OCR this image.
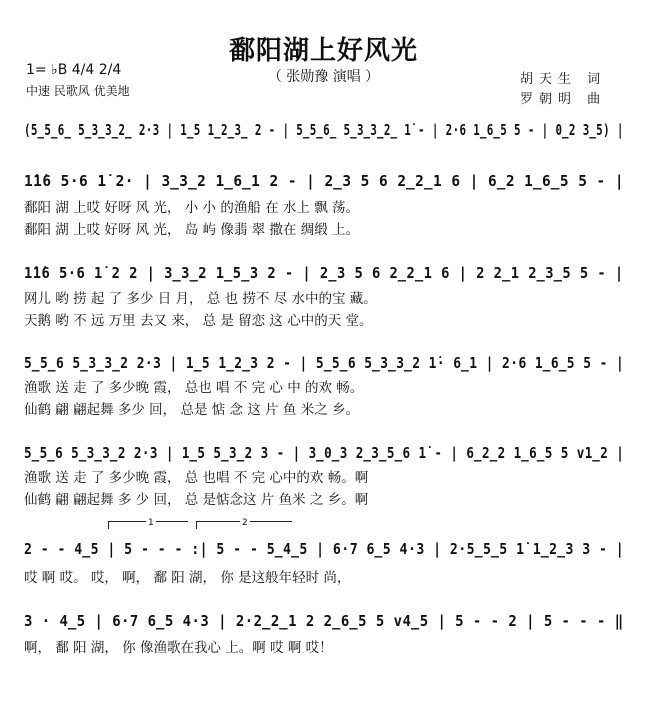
鄱阳湖上好风光
（ 张勋豫 演唱 ）
1= ♭B 4/4 2/4
中速 民歌风 优美地
胡天生 词
罗朝明 曲
(5̲5̲6̲ 5̲3̲3̲2̲ 2·3 | 1̲5 1̲2̲3̲ 2 - | 5̲5̲6̲ 5̲3̲3̲2̲ 1̇ - | 2·6 1̲6̲5 5 - | 0̲2 3̲5) |
1̇1̇6 5·6 1̇ 2· | 3̲3̲2 1̲6̲1 2 - | 2̲3 5 6 2̲2̲1 6 | 6̲2 1̲6̲5 5 - |
鄱阳 湖 上哎 好呀 风 光， 小 小 的渔船 在 水上 飘 荡。
鄱阳 湖 上哎 好呀 风 光， 岛 屿 像翡 翠 撒在 绸缎 上。
1̇1̇6 5·6 1̇ 2 2 | 3̲3̲2 1̲5̲3 2 - | 2̲3 5 6 2̲2̲1 6 | 2 2̲1 2̲3̲5 5 - |
网儿 哟 捞 起 了 多少 日 月， 总 也 捞不 尽 水中的宝 藏。
天鹅 哟 不 远 万里 去又 来， 总 是 留恋 这 心中的天 堂。
5̲5̲6 5̲3̲3̲2 2·3 | 1̲5 1̲2̲3 2 - | 5̲5̲6 5̲3̲3̲2 1̇· 6̲1 | 2·6 1̲6̲5 5 - |
渔歌 送 走 了 多少晚 霞， 总也 唱 不 完 心 中 的欢 畅。
仙鹤 翩 翩起舞 多少 回， 总是 惦 念 这 片 鱼 米之 乡。
5̲5̲6 5̲3̲3̲2 2·3 | 1̲5 5̲3̲2 3 - | 3̲0̲3 2̲3̲5̲6 1̇ - | 6̲2̲2 1̲6̲5 5 v1̲2 |
渔歌 送 走 了 多少晚 霞， 总 也唱 不 完 心中的欢 畅。啊
仙鹤 翩 翩起舞 多 少 回， 总 是惦念这 片 鱼米 之 乡。啊
1	2
2 - - 4̲5 | 5 - - - :| 5 - - 5̲4̲5 | 6·7 6̲5 4·3 | 2·5̲5̲5 1̇ 1̲2̲3 3 - |
哎 啊 哎。 哎， 啊， 鄱 阳 湖， 你 是这般年轻时 尚，
3 · 4̲5 | 6·7 6̲5 4·3 | 2·2̲2̲1 2 2̲6̲5 5 v4̲5 | 5 - - 2 | 5 - - - ‖
啊， 鄱 阳 湖， 你 像渔歌在我心 上。啊 哎 啊 哎！
